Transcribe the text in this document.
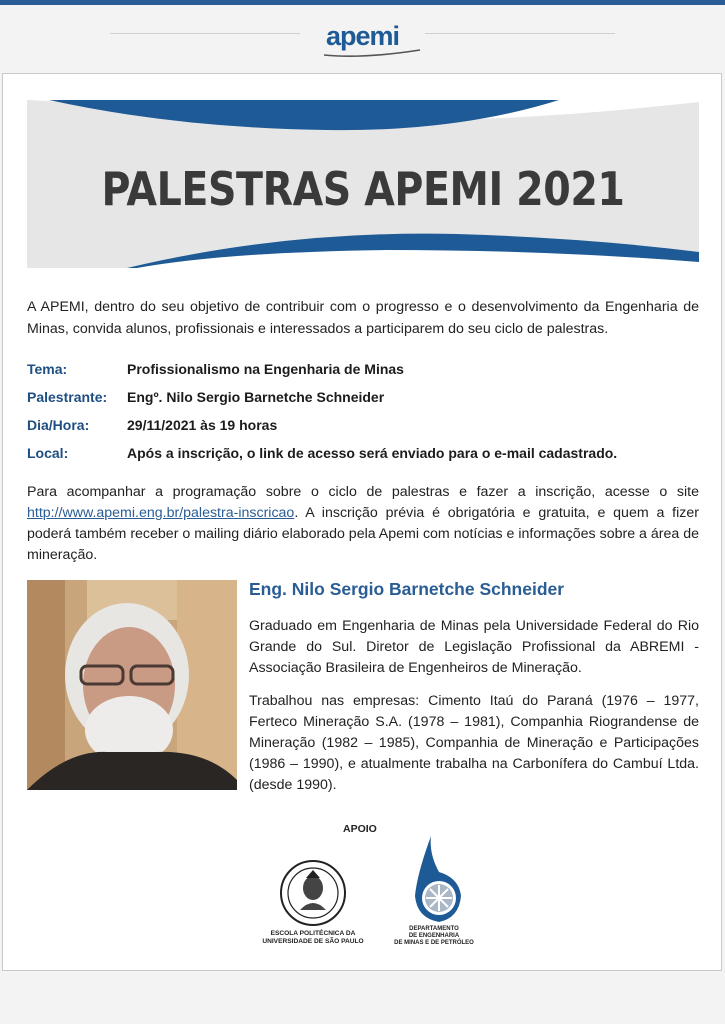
apemi
PALESTRAS APEMI 2021

A APEMI, dentro do seu objetivo de contribuir com o progresso e o desenvolvimento da Engenharia de Minas, convida alunos, profissionais e interessados a participarem do seu ciclo de palestras.

Tema:	Profissionalismo na Engenharia de Minas
Palestrante: Engº. Nilo Sergio Barnetche Schneider
Dia/Hora:	29/11/2021 às 19 horas
Local:	Após a inscrição, o link de acesso será enviado para o e-mail cadastrado.

Para acompanhar a programação sobre o ciclo de palestras e fazer a inscrição, acesse o site http://www.apemi.eng.br/palestra-inscricao. A inscrição prévia é obrigatória e gratuita, e quem a fizer poderá também receber o mailing diário elaborado pela Apemi com notícias e informações sobre a área de mineração.

Eng. Nilo Sergio Barnetche Schneider

Graduado em Engenharia de Minas pela Universidade Federal do Rio Grande do Sul. Diretor de Legislação Profissional da ABREMI - Associação Brasileira de Engenheiros de Mineração.

Trabalhou nas empresas: Cimento Itaú do Paraná (1976 – 1977, Ferteco Mineração S.A. (1978 – 1981), Companhia Riograndense de Mineração (1982 – 1985), Companhia de Mineração e Participações (1986 – 1990), e atualmente trabalha na Carbonífera do Cambuí Ltda. (desde 1990).

APOIO
ESCOLA POLITÉCNICA DA
UNIVERSIDADE DE SÃO PAULO
DEPARTAMENTO
DE ENGENHARIA
DE MINAS E DE PETRÓLEO
